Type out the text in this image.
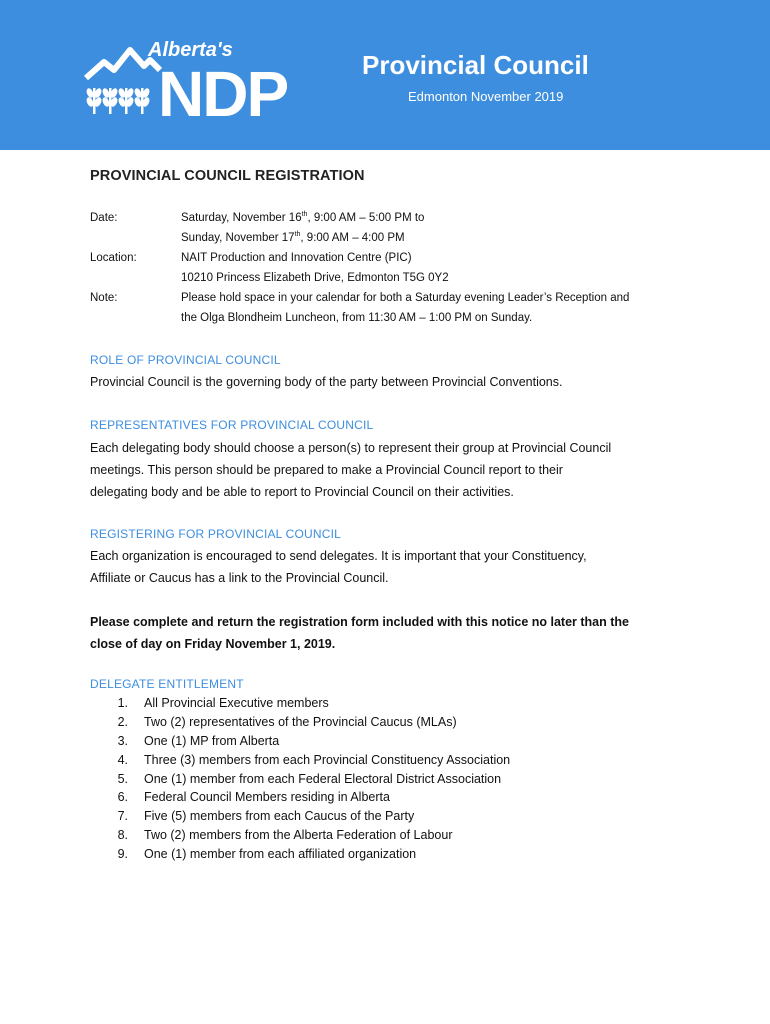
Alberta's
NDP	Provincial Council
Edmonton November 2019
PROVINCIAL COUNCIL REGISTRATION
Date:	Saturday, November 16th, 9:00 AM – 5:00 PM to
Sunday, November 17th, 9:00 AM – 4:00 PM
Location:	NAIT Production and Innovation Centre (PIC)
10210 Princess Elizabeth Drive, Edmonton T5G 0Y2
Note:	Please hold space in your calendar for both a Saturday evening Leader’s Reception and
the Olga Blondheim Luncheon, from 11:30 AM – 1:00 PM on Sunday.
ROLE OF PROVINCIAL COUNCIL
Provincial Council is the governing body of the party between Provincial Conventions.
REPRESENTATIVES FOR PROVINCIAL COUNCIL
Each delegating body should choose a person(s) to represent their group at Provincial Council
meetings. This person should be prepared to make a Provincial Council report to their
delegating body and be able to report to Provincial Council on their activities.
REGISTERING FOR PROVINCIAL COUNCIL
Each organization is encouraged to send delegates. It is important that your Constituency,
Affiliate or Caucus has a link to the Provincial Council.
Please complete and return the registration form included with this notice no later than the
close of day on Friday November 1, 2019.
DELEGATE ENTITLEMENT
1. All Provincial Executive members
2. Two (2) representatives of the Provincial Caucus (MLAs)
3. One (1) MP from Alberta
4. Three (3) members from each Provincial Constituency Association
5. One (1) member from each Federal Electoral District Association
6. Federal Council Members residing in Alberta
7. Five (5) members from each Caucus of the Party
8. Two (2) members from the Alberta Federation of Labour
9. One (1) member from each affiliated organization
